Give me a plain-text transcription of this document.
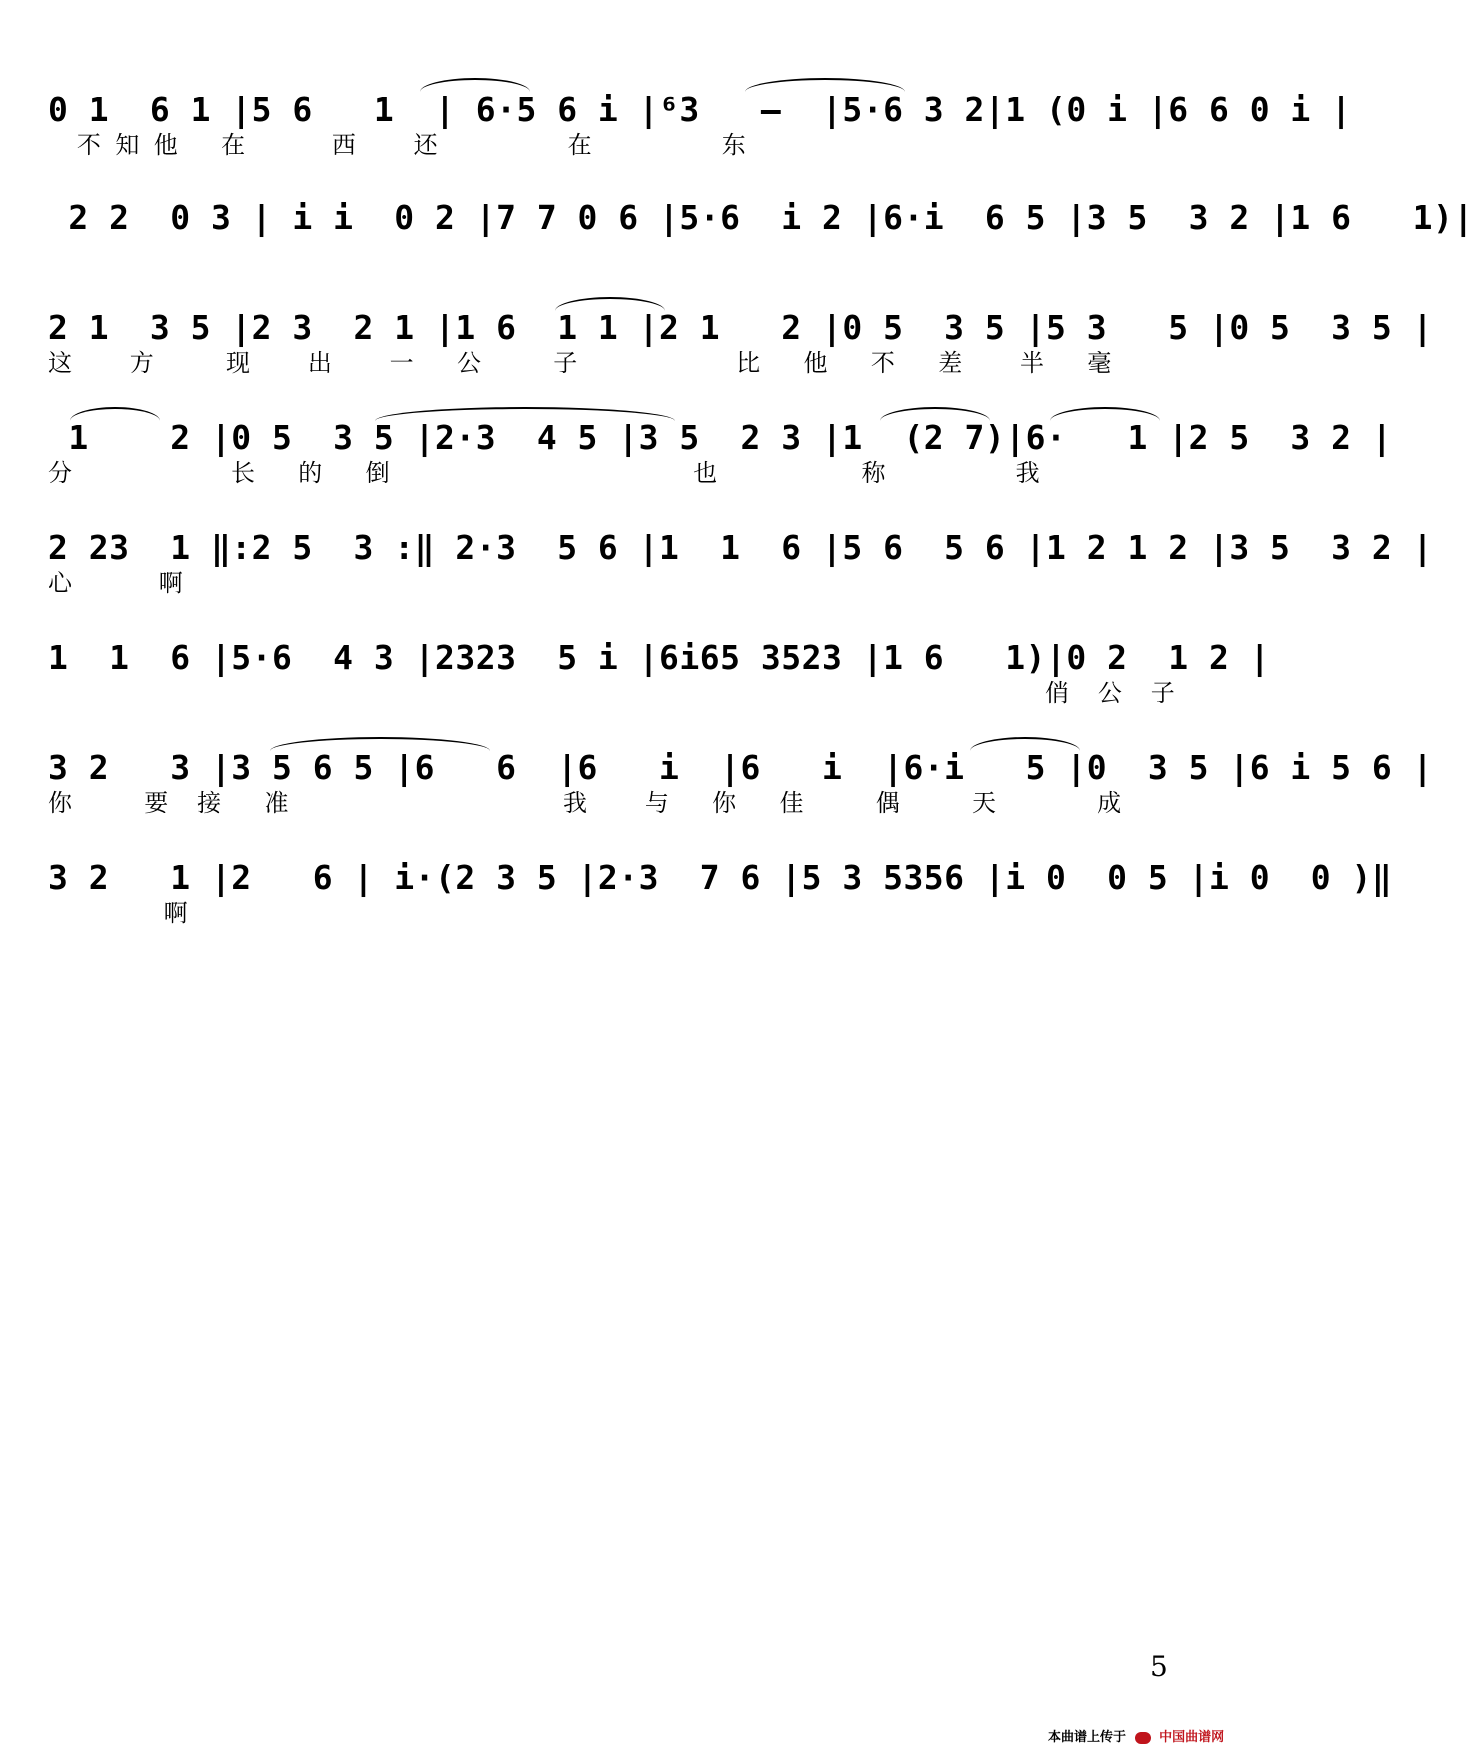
0 1  6 1 |5 6   1  | 6·5 6 i |⁶3   –  |5·6 3 2|1 (0 i |6 6 0 i |
不 知 他   在      西    还         在         东
2 2  0 3 | i i  0 2 |7 7 0 6 |5·6  i 2 |6·i  6 5 |3 5  3 2 |1 6   1)|
2 1  3 5 |2 3  2 1 |1 6  1 1 |2 1   2 |0 5  3 5 |5 3   5 |0 5  3 5 |
这    方     现    出    一   公     子           比   他   不   差    半   毫
1    2 |0 5  3 5 |2·3  4 5 |3 5  2 3 |1  (2 7)|6·   1 |2 5  3 2 |
分           长   的   倒                     也          称         我
2 23  1 ‖:2 5  3 :‖ 2·3  5 6 |1  1  6 |5 6  5 6 |1 2 1 2 |3 5  3 2 |
心      啊
1  1  6 |5·6  4 3 |2323  5 i |6i65 3523 |1 6   1)|0 2  1 2 |
俏  公  子
3 2   3 |3 5 6 5 |6   6  |6   i  |6   i  |6·i   5 |0  3 5 |6 i 5 6 |
你     要  接   准                   我    与   你   佳     偶     天       成
3 2   1 |2   6 | i·(2 3 5 |2·3  7 6 |5 3 5356 |i 0  0 5 |i 0  0 )‖
啊
5
本曲谱上传于	中国曲谱网
